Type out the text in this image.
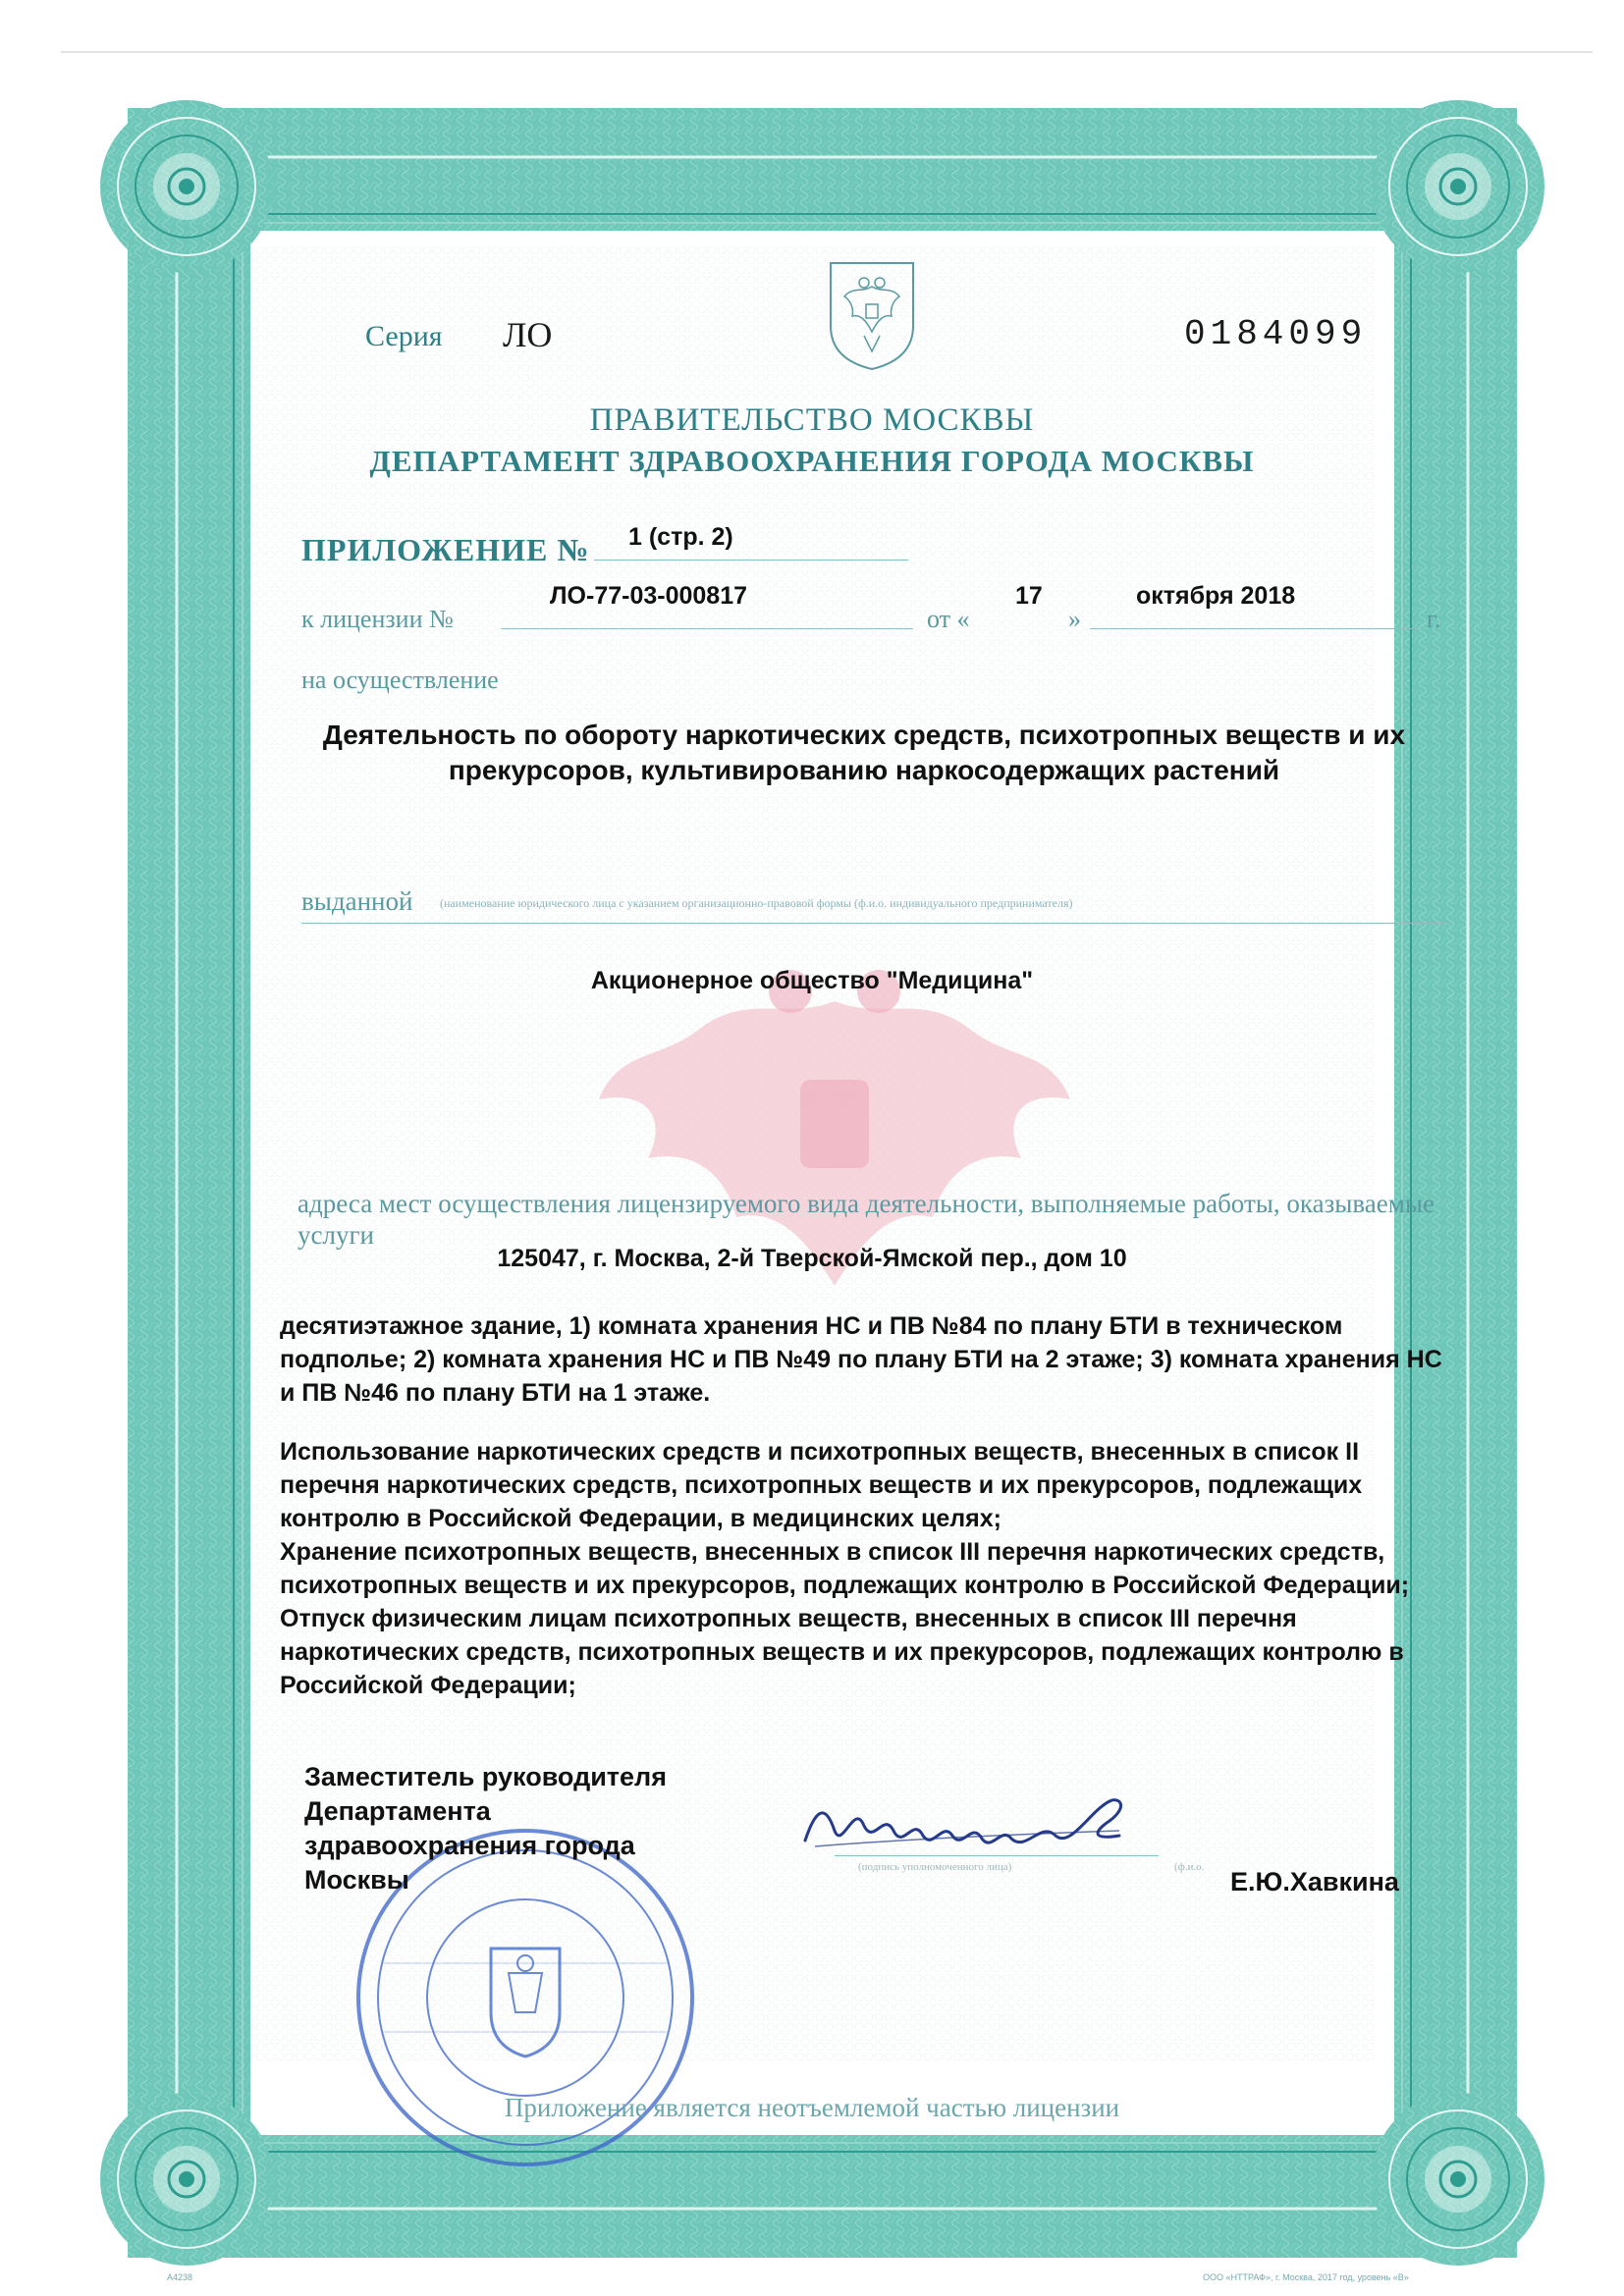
Серия ЛО	0184099
ПРАВИТЕЛЬСТВО МОСКВЫ
ДЕПАРТАМЕНТ ЗДРАВООХРАНЕНИЯ ГОРОДА МОСКВЫ
ПРИЛОЖЕНИЕ № 1 (стр. 2)
к лицензии №
ЛО-77-03-000817
от «
17
»
октября 2018
г.
на осуществление
Деятельность по обороту наркотических средств, психотропных веществ и их прекурсоров, культивированию наркосодержащих растений
выданной (наименование юридического лица с указанием организационно-правовой формы (ф.и.о. индивидуального предпринимателя)
Акционерное общество "Медицина"
адреса мест осуществления лицензируемого вида деятельности, выполняемые работы, оказываемые услуги
125047, г. Москва, 2-й Тверской-Ямской пер., дом 10
десятиэтажное здание, 1) комната хранения НС и ПВ №84 по плану БТИ в техническом подполье; 2) комната хранения НС и ПВ №49 по плану БТИ на 2 этаже; 3) комната хранения НС и ПВ №46 по плану БТИ на 1 этаже.
Использование наркотических средств и психотропных веществ, внесенных в список II перечня наркотических средств, психотропных веществ и их прекурсоров, подлежащих контролю в Российской Федерации, в медицинских целях;
Хранение психотропных веществ, внесенных в список III перечня наркотических средств, психотропных веществ и их прекурсоров, подлежащих контролю в Российской Федерации;
Отпуск физическим лицам психотропных веществ, внесенных в список III перечня наркотических средств, психотропных веществ и их прекурсоров, подлежащих контролю в Российской Федерации;
Заместитель руководителя
Департамента
здравоохранения города
Москвы	(подпись уполномоченного лица)	(ф.и.о. Е.Ю.Хавкина
Приложение является неотъемлемой частью лицензии
А4238	ООО «НТТРАФ», г. Москва, 2017 год, уровень «В»
